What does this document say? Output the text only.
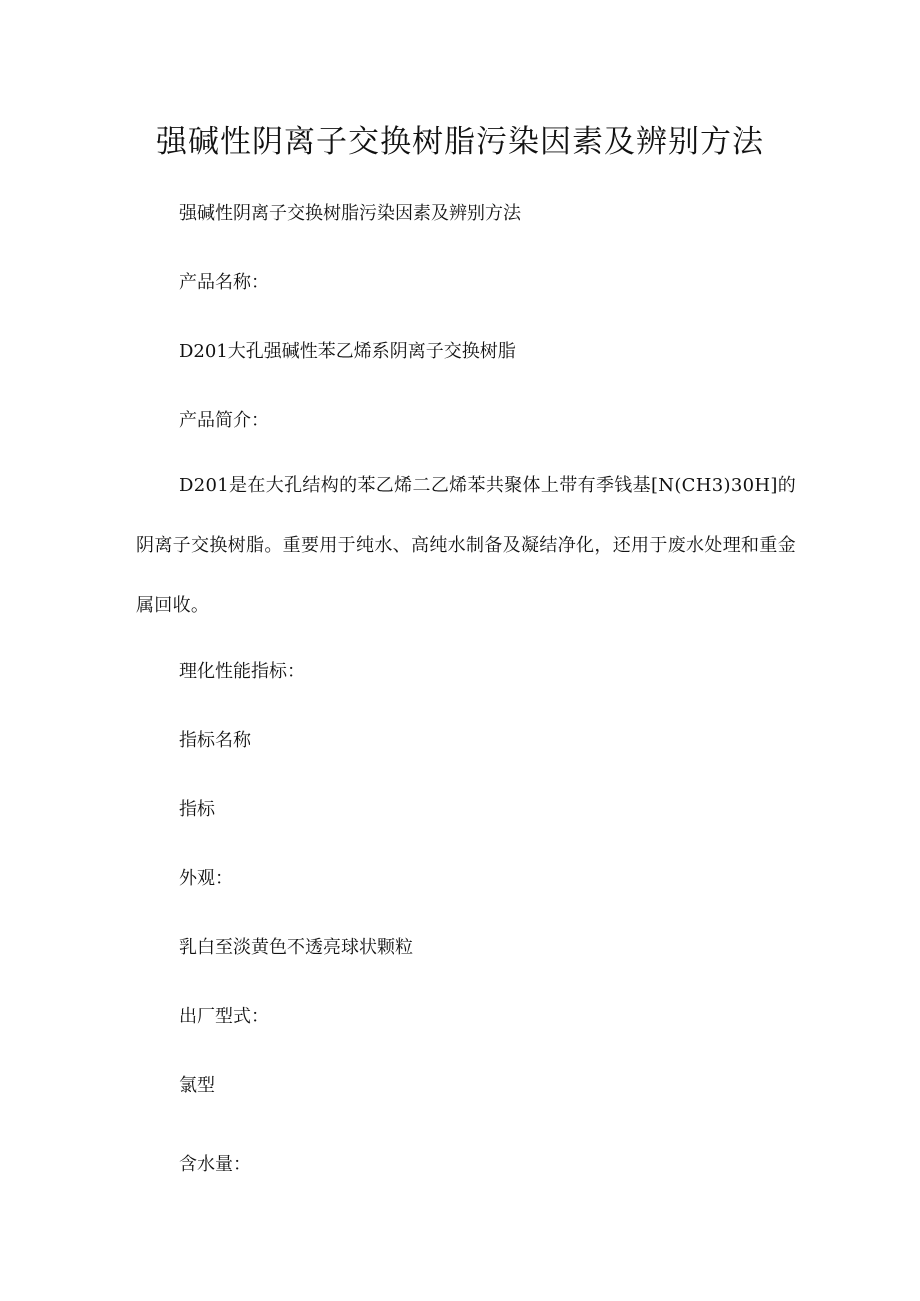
强碱性阴离子交换树脂污染因素及辨别方法

强碱性阴离子交换树脂污染因素及辨别方法

产品名称：

D201大孔强碱性苯乙烯系阴离子交换树脂

产品简介：

D201是在大孔结构的苯乙烯二乙烯苯共聚体上带有季钱基[N(CH3)30H]的阴离子交换树脂。重要用于纯水、高纯水制备及凝结净化，还用于废水处理和重金属回收。

理化性能指标：

指标名称

指标

外观：

乳白至淡黄色不透亮球状颗粒

出厂型式：

氯型

含水量：
